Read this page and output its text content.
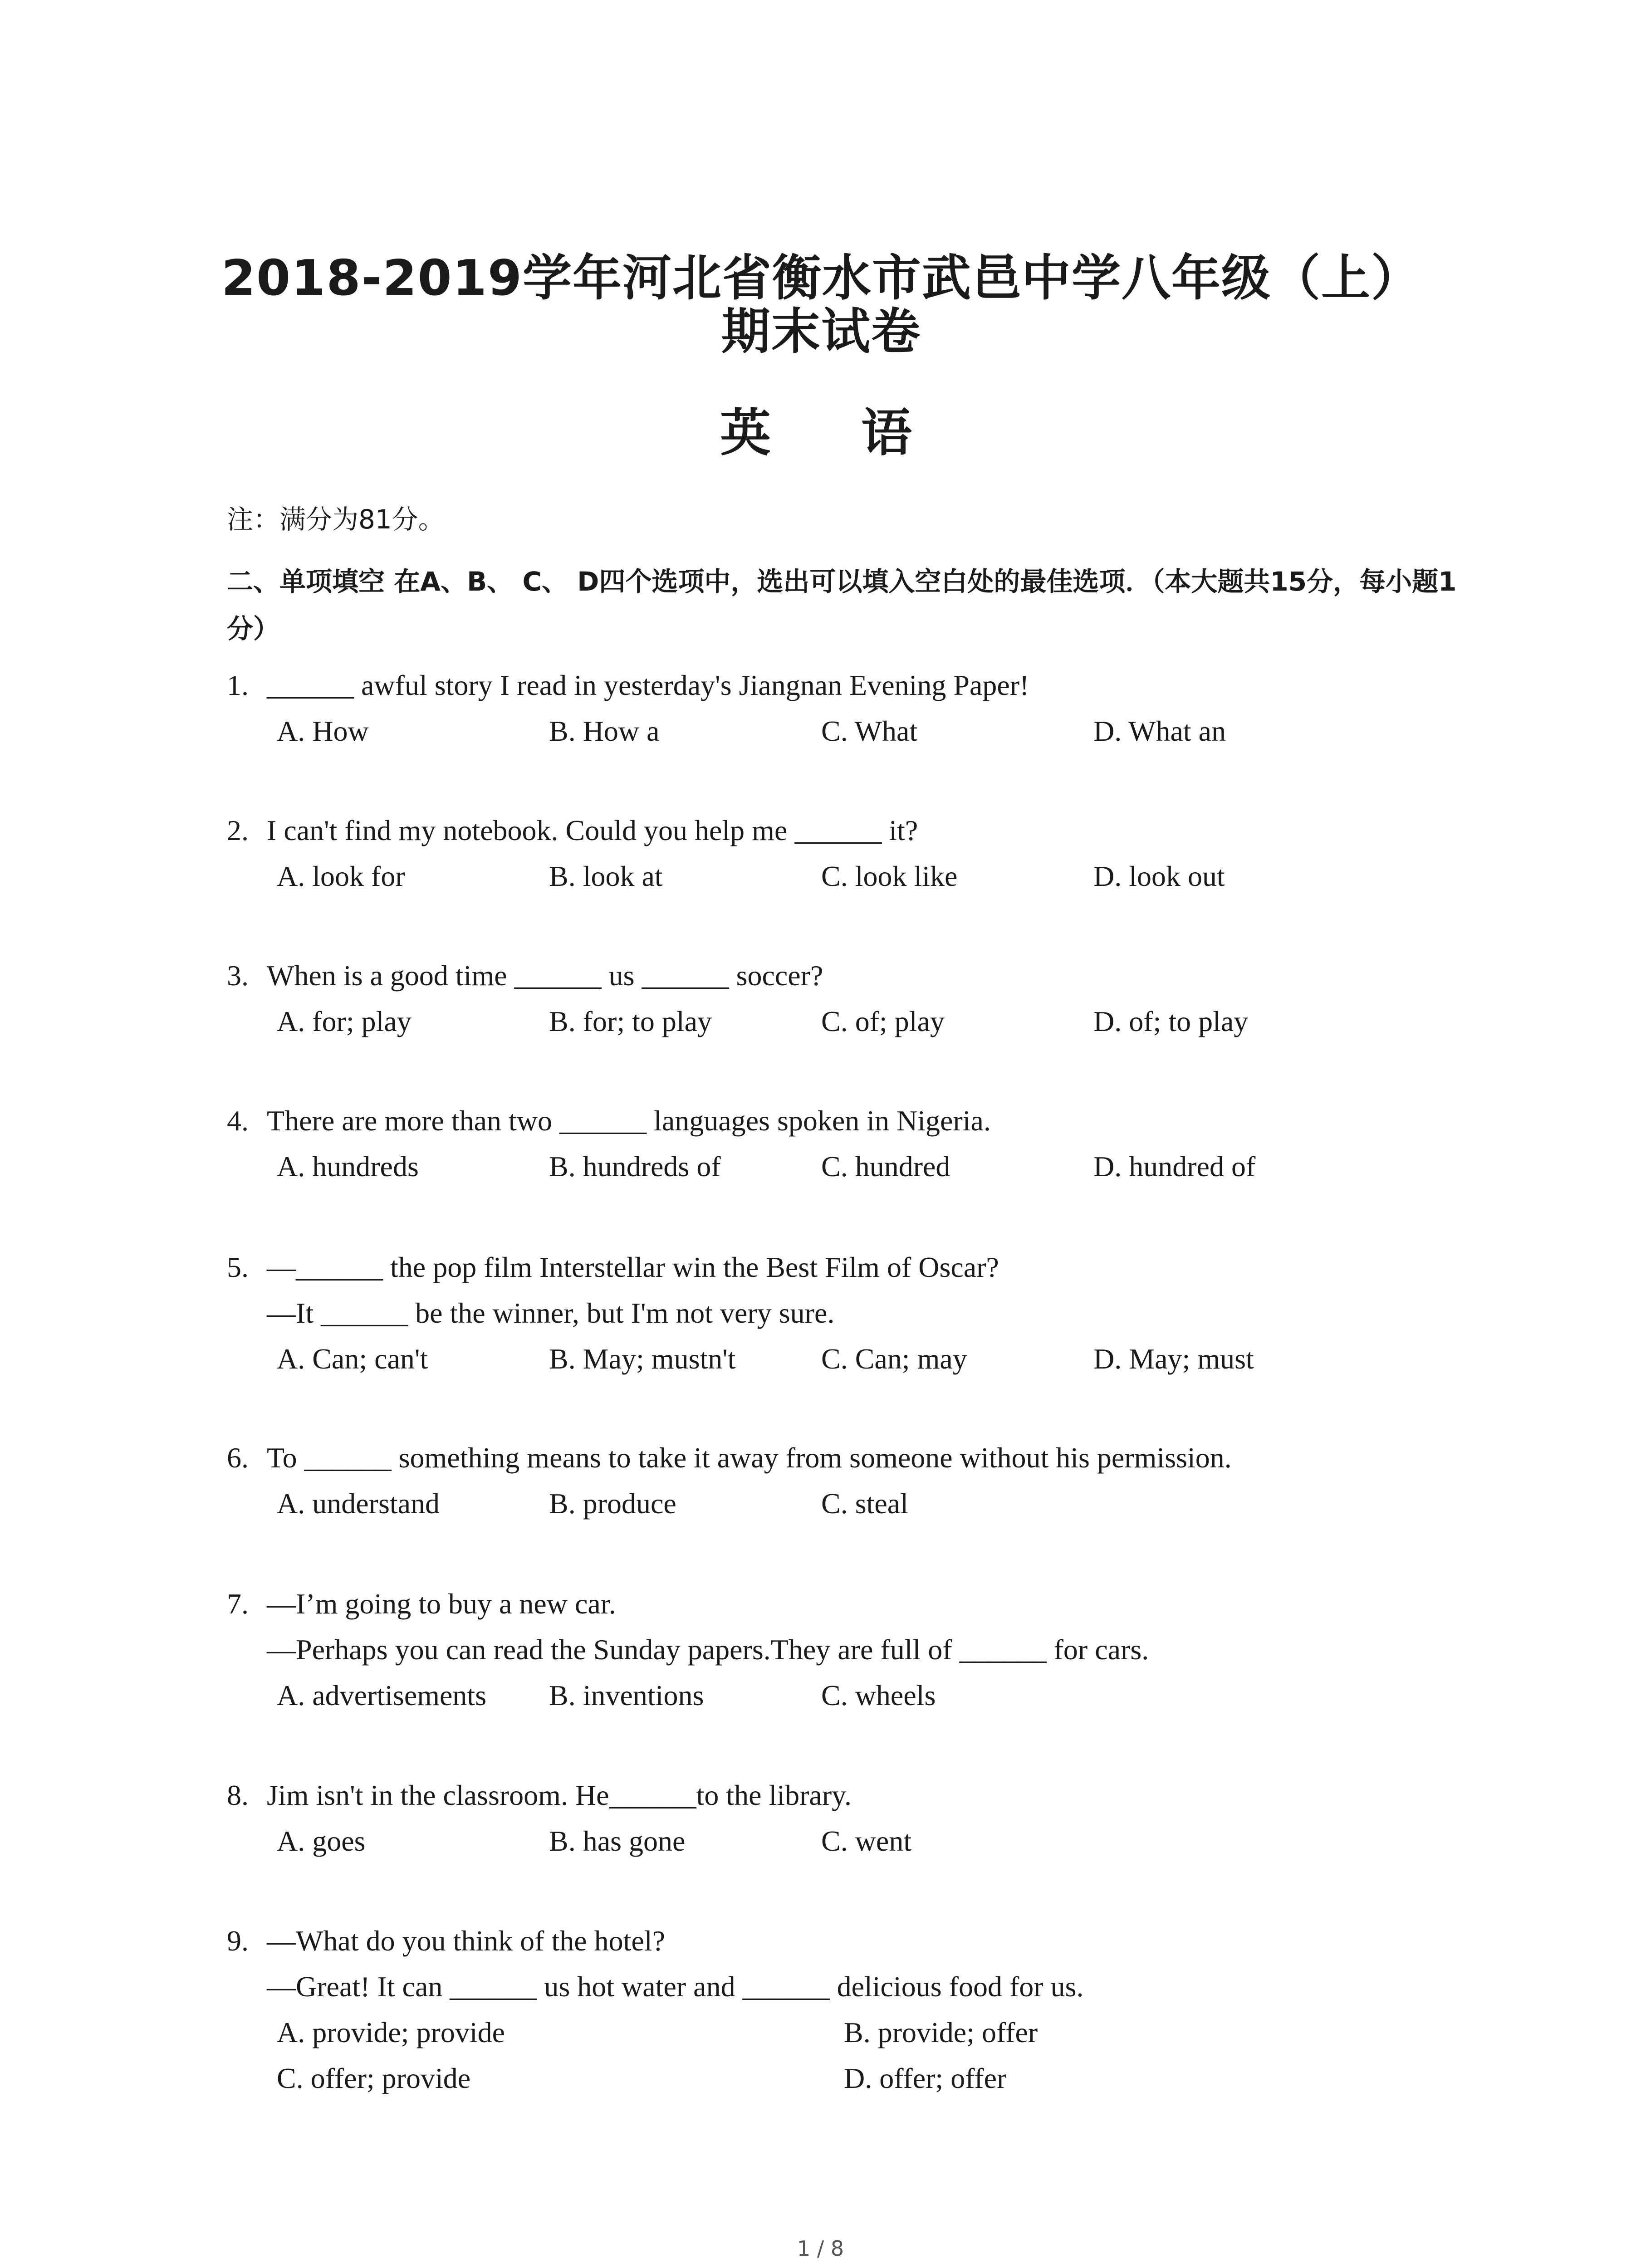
2018-2019学年河北省衡水市武邑中学八年级（上）期末试卷
英 语
注：满分为81分。
二、单项填空 在A、B、 C、 D四个选项中，选出可以填入空白处的最佳选项．（本大题共15分，每小题1分）
1. ______ awful story I read in yesterday's Jiangnan Evening Paper!
A. How	B. How a	C. What	D. What an
2. I can't find my notebook. Could you help me ______ it?
A. look for	B. look at	C. look like	D. look out
3. When is a good time ______ us ______ soccer?
A. for; play	B. for; to play	C. of; play	D. of; to play
4. There are more than two ______ languages spoken in Nigeria.
A. hundreds	B. hundreds of	C. hundred	D. hundred of
5. —______ the pop film Interstellar win the Best Film of Oscar?
—It ______ be the winner, but I'm not very sure.
A. Can; can't	B. May; mustn't	C. Can; may	D. May; must
6. To ______ something means to take it away from someone without his permission.
A. understand	B. produce	C. steal
7. —I’m going to buy a new car.
—Perhaps you can read the Sunday papers.They are full of ______ for cars.
A. advertisements B. inventions	C. wheels
8. Jim isn't in the classroom. He______to the library.
A. goes	B. has gone	C. went
9. —What do you think of the hotel?
—Great! It can ______ us hot water and ______ delicious food for us.
A. provide; provide	B. provide; offer
C. offer; provide	D. offer; offer
1 / 8
